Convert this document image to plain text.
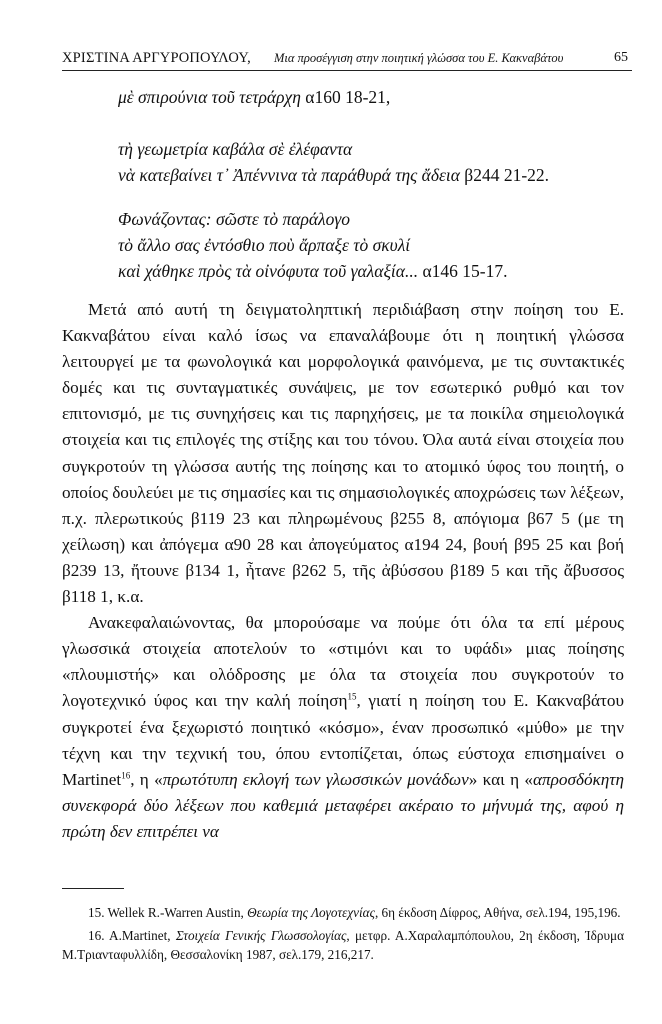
ΧΡΙΣΤΙΝΑ ΑΡΓΥΡΟΠΟΥΛΟΥ, Μια προσέγγιση στην ποιητική γλώσσα του Ε. Κακναβάτου	65
μὲ σπιρούνια τοῦ τετράρχη α160 18-21,
τὴ γεωμετρία καβάλα σὲ ἐλέφαντα
νὰ κατεβαίνει τ᾽ Ἀπέννινα τὰ παράθυρά της ἄδεια β244 21-22.
Φωνάζοντας: σῶστε τὸ παράλογο
τὸ ἄλλο σας ἐντόσθιο ποὺ ἄρπαξε τὸ σκυλί
καὶ χάθηκε πρὸς τὰ οἰνόφυτα τοῦ γαλαξία... α146 15-17.

Μετά από αυτή τη δειγματοληπτική περιδιάβαση στην ποίηση του Ε. Κακναβάτου είναι καλό ίσως να επαναλάβουμε ότι η ποιητική γλώσσα λειτουργεί με τα φωνολογικά και μορφολογικά φαινόμενα, με τις συντακτικές δομές και τις συνταγματικές συνάψεις, με τον εσωτερικό ρυθμό και τον επιτονισμό, με τις συνηχήσεις και τις παρηχήσεις, με τα ποικίλα σημειολογικά στοιχεία και τις επιλογές της στίξης και του τόνου. Όλα αυτά είναι στοιχεία που συγκροτούν τη γλώσσα αυτής της ποίησης και το ατομικό ύφος του ποιητή, ο οποίος δουλεύει με τις σημασίες και τις σημασιολογικές αποχρώσεις των λέξεων, π.χ. πλερωτικούς β119 23 και πληρωμένους β255 8, απόγιομα β67 5 (με τη χείλωση) και ἀπόγεμα α90 28 και ἀπογεύματος α194 24, βουή β95 25 και βοή β239 13, ἤτουνε β134 1, ἦτανε β262 5, τῆς ἀβύσσου β189 5 και τῆς ἄβυσσος β118 1, κ.α.

Ανακεφαλαιώνοντας, θα μπορούσαμε να πούμε ότι όλα τα επί μέρους γλωσσικά στοιχεία αποτελούν το «στιμόνι και το υφάδι» μιας ποίησης «πλουμιστής» και ολόδροσης με όλα τα στοιχεία που συγκροτούν το λογοτεχνικό ύφος και την καλή ποίηση$^{15}$, γιατί η ποίηση του Ε. Κακναβάτου συγκροτεί ένα ξεχωριστό ποιητικό «κόσμο», έναν προσωπικό «μύθο» με την τέχνη και την τεχνική του, όπου εντοπίζεται, όπως εύστοχα επισημαίνει ο Martinet$^{16}$, η «πρωτότυπη εκλογή των γλωσσικών μονάδων» και η «απροσδόκητη συνεκφορά δύο λέξεων που καθεμιά μεταφέρει ακέραιο το μήνυμά της, αφού η πρώτη δεν επιτρέπει να

15. Wellek R.-Warren Austin, Θεωρία της Λογοτεχνίας, 6η έκδοση Δίφρος, Αθήνα, σελ.194, 195,196.

16. A.Martinet, Στοιχεία Γενικής Γλωσσολογίας, μετφρ. Α.Χαραλαμπόπουλου, 2η έκδοση, Ίδρυμα Μ.Τριανταφυλλίδη, Θεσσαλονίκη 1987, σελ.179, 216,217.
